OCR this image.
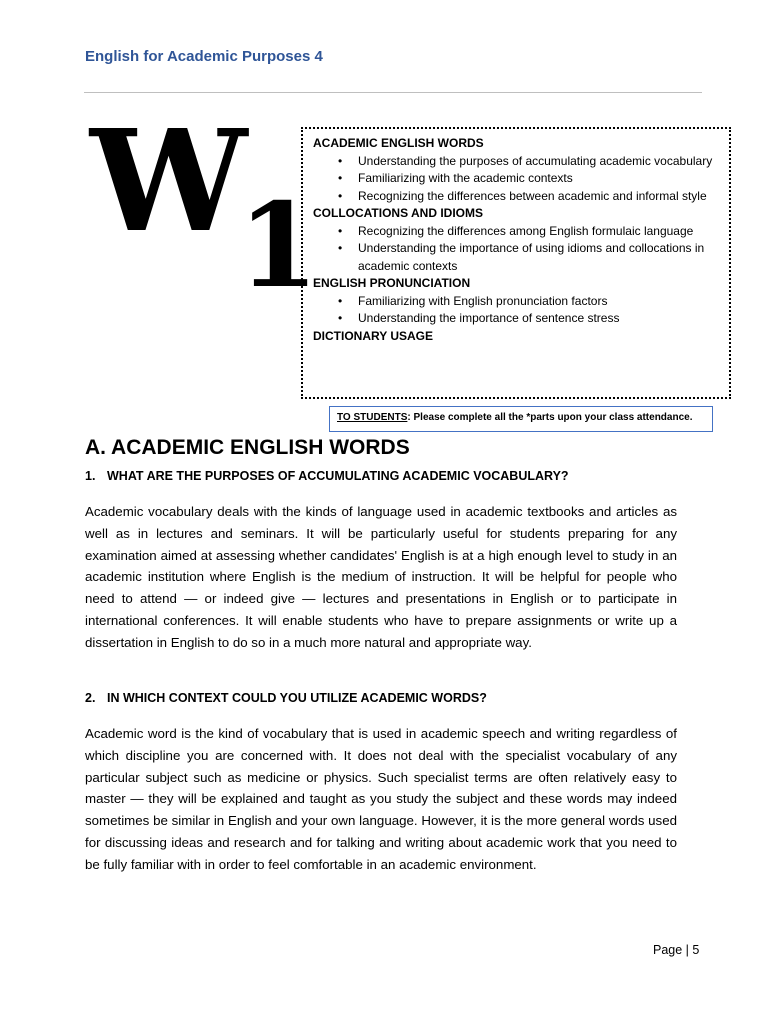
English for Academic Purposes 4
W
1
ACADEMIC ENGLISH WORDS
• Understanding the purposes of accumulating academic vocabulary
• Familiarizing with the academic contexts
• Recognizing the differences between academic and informal style
COLLOCATIONS AND IDIOMS
• Recognizing the differences among English formulaic language
• Understanding the importance of using idioms and collocations in academic contexts
ENGLISH PRONUNCIATION
• Familiarizing with English pronunciation factors
• Understanding the importance of sentence stress
DICTIONARY USAGE
TO STUDENTS: Please complete all the *parts upon your class attendance.
A. ACADEMIC ENGLISH WORDS
1. WHAT ARE THE PURPOSES OF ACCUMULATING ACADEMIC VOCABULARY?

Academic vocabulary deals with the kinds of language used in academic textbooks and articles as well as in lectures and seminars. It will be particularly useful for students preparing for any examination aimed at assessing whether candidates' English is at a high enough level to study in an academic institution where English is the medium of instruction. It will be helpful for people who need to attend — or indeed give — lectures and presentations in English or to participate in international conferences. It will enable students who have to prepare assignments or write up a dissertation in English to do so in a much more natural and appropriate way.

2. IN WHICH CONTEXT COULD YOU UTILIZE ACADEMIC WORDS?

Academic word is the kind of vocabulary that is used in academic speech and writing regardless of which discipline you are concerned with. It does not deal with the specialist vocabulary of any particular subject such as medicine or physics. Such specialist terms are often relatively easy to master — they will be explained and taught as you study the subject and these words may indeed sometimes be similar in English and your own language. However, it is the more general words used for discussing ideas and research and for talking and writing about academic work that you need to be fully familiar with in order to feel comfortable in an academic environment.

Page | 5
